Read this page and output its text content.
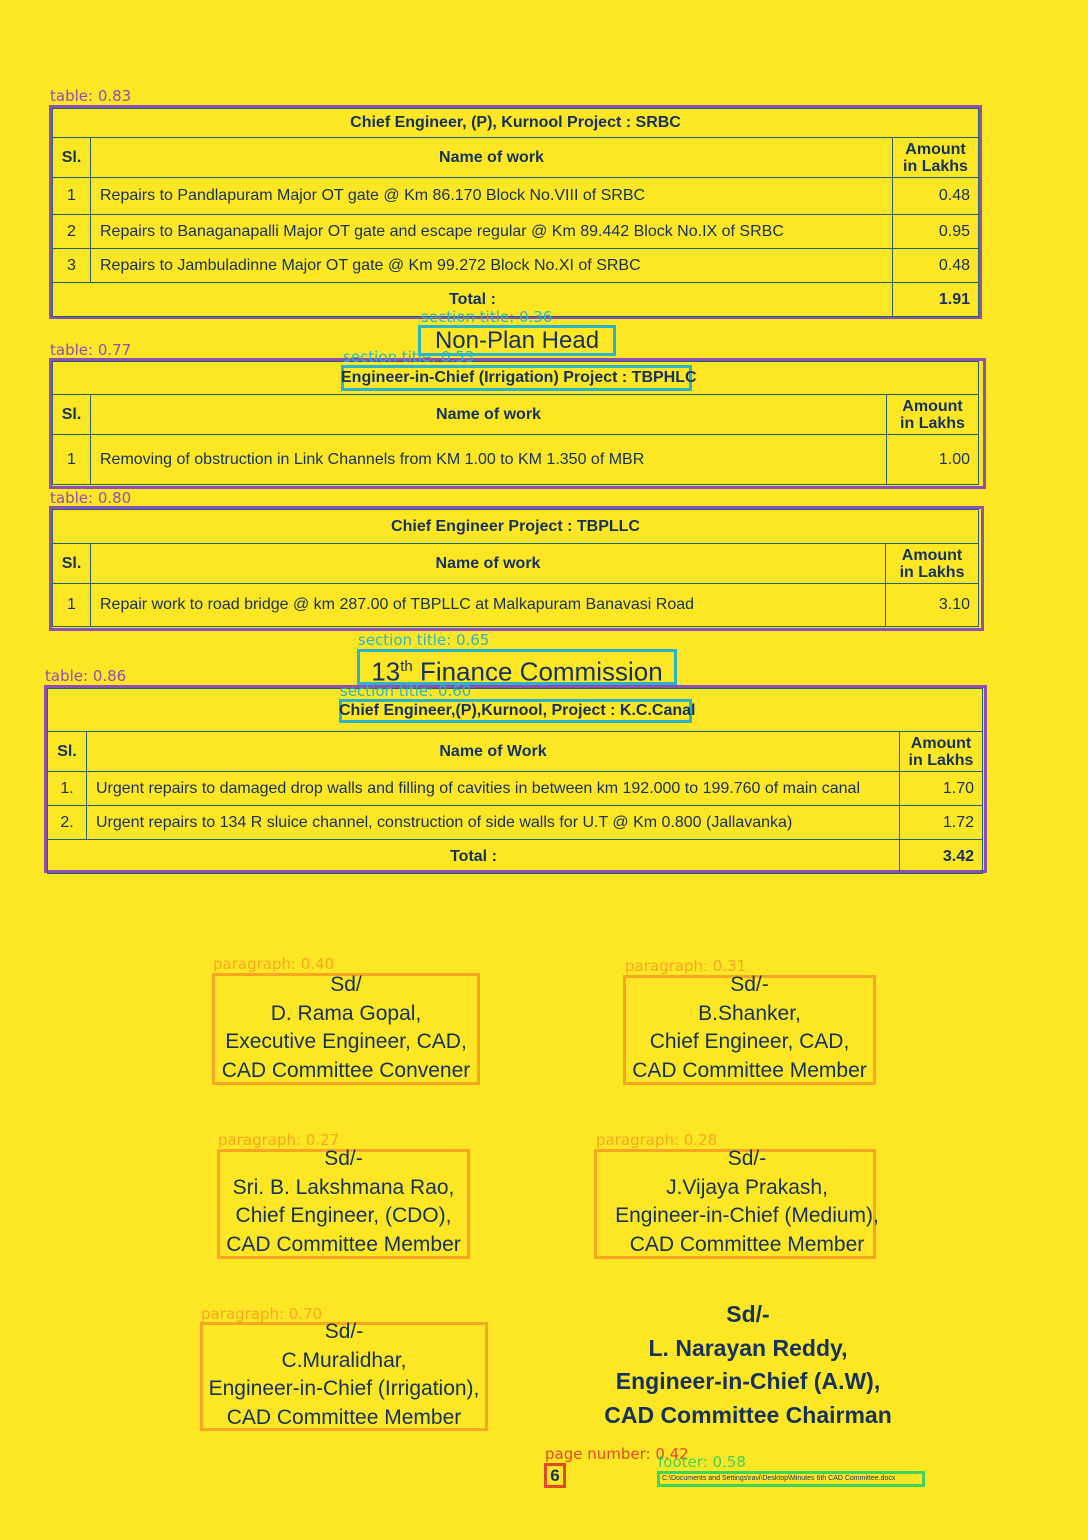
table: 0.83
Chief Engineer, (P), Kurnool Project : SRBC		
Sl.	Name of work	Amount
in Lakhs
1	Repairs to Pandlapuram Major OT gate @ Km 86.170 Block No.VIII of SRBC	0.48
2	Repairs to Banaganapalli Major OT gate and escape regular @ Km 89.442 Block No.IX of SRBC	0.95
3	Repairs to Jambuladinne Major OT gate @ Km 99.272 Block No.XI of SRBC	0.48
Total :		1.91
section title: 0.36
Non-Plan Head
table: 0.77

Sl.	Name of work	Amount
in Lakhs
1	Removing of obstruction in Link Channels from KM 1.00 to KM 1.350 of MBR	1.00
section title: 0.53
Engineer-in-Chief (Irrigation) Project : TBPHLC
table: 0.80
Chief Engineer Project : TBPLLC		
Sl.	Name of work	Amount
in Lakhs
1	Repair work to road bridge @ km 287.00 of TBPLLC at Malkapuram Banavasi Road	3.10
section title: 0.65
13th Finance Commission
table: 0.86

Sl.	Name of Work	Amount
in Lakhs
1.	Urgent repairs to damaged drop walls and filling of cavities in between km 192.000 to 199.760 of main canal	1.70
2.	Urgent repairs to 134 R sluice channel, construction of side walls for U.T @ Km 0.800 (Jallavanka)	1.72
Total :		3.42
section title: 0.60
Chief Engineer,(P),Kurnool, Project : K.C.Canal
paragraph: 0.40
Sd/
D. Rama Gopal,
Executive Engineer, CAD,
CAD Committee Convener
paragraph: 0.31
Sd/-
B.Shanker,
Chief Engineer, CAD,
CAD Committee Member
paragraph: 0.27
Sd/-
Sri. B. Lakshmana Rao,
Chief Engineer, (CDO),
CAD Committee Member
paragraph: 0.28
Sd/-
J.Vijaya Prakash,
Engineer-in-Chief (Medium),
CAD Committee Member
paragraph: 0.70
Sd/-
C.Muralidhar,
Engineer-in-Chief (Irrigation),
CAD Committee Member
Sd/-
L. Narayan Reddy,
Engineer-in-Chief (A.W),
CAD Committee Chairman
page number: 0.42
6
footer: 0.58
C:\Documents and Settings\ravi\Desktop\Minutes 6th CAD Committee.docx
